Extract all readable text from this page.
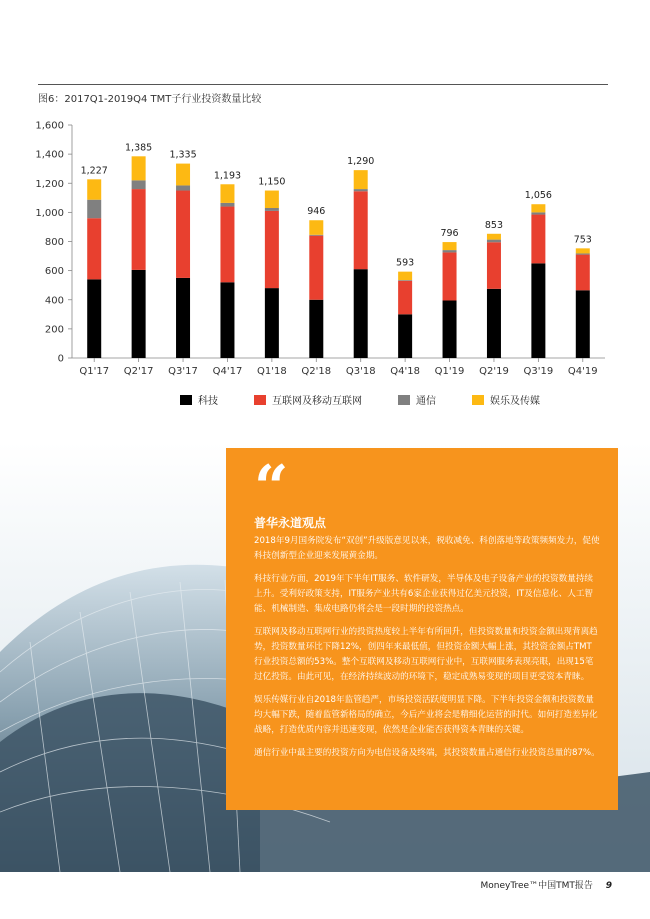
图6：2017Q1-2019Q4 TMT子行业投资数量比较
0
200
400
600
800
1,000
1,200
1,400
1,600
Q1'17
1,227
Q2'17
1,385
Q3'17
1,335
Q4'17
1,193
Q1'18
1,150
Q2'18
946
Q3'18
1,290
Q4'18
593
Q1'19
796
Q2'19
853
Q3'19
1,056
Q4'19
753
科技	互联网及移动互联网	通信	娱乐及传媒
“
普华永道观点

2018年9月国务院发布“双创”升级版意见以来，税收减免、科创落地等政策频频发力，促使科技创新型企业迎来发展黄金期。

科技行业方面，2019年下半年IT服务、软件研发，半导体及电子设备产业的投资数量持续上升。受利好政策支持，IT服务产业共有6家企业获得过亿美元投资，IT及信息化、人工智能、机械制造、集成电路仍将会是一段时期的投资热点。

互联网及移动互联网行业的投资热度较上半年有所回升，但投资数量和投资金额出现背离趋势，投资数量环比下降12%，创四年来最低值，但投资金额大幅上涨，其投资金额占TMT行业投资总额的53%。整个互联网及移动互联网行业中，互联网服务表现亮眼，出现15笔过亿投资。由此可见，在经济持续波动的环境下，稳定成熟易变现的项目更受资本青睐。

娱乐传媒行业自2018年监管趋严，市场投资活跃度明显下降。下半年投资金额和投资数量均大幅下跌，随着监管新格局的确立，今后产业将会是精细化运营的时代。如何打造差异化战略，打造优质内容并迅速变现，依然是企业能否获得资本青睐的关键。

通信行业中最主要的投资方向为电信设备及终端，其投资数量占通信行业投资总量的87%。

MoneyTree™中国TMT报告 9
